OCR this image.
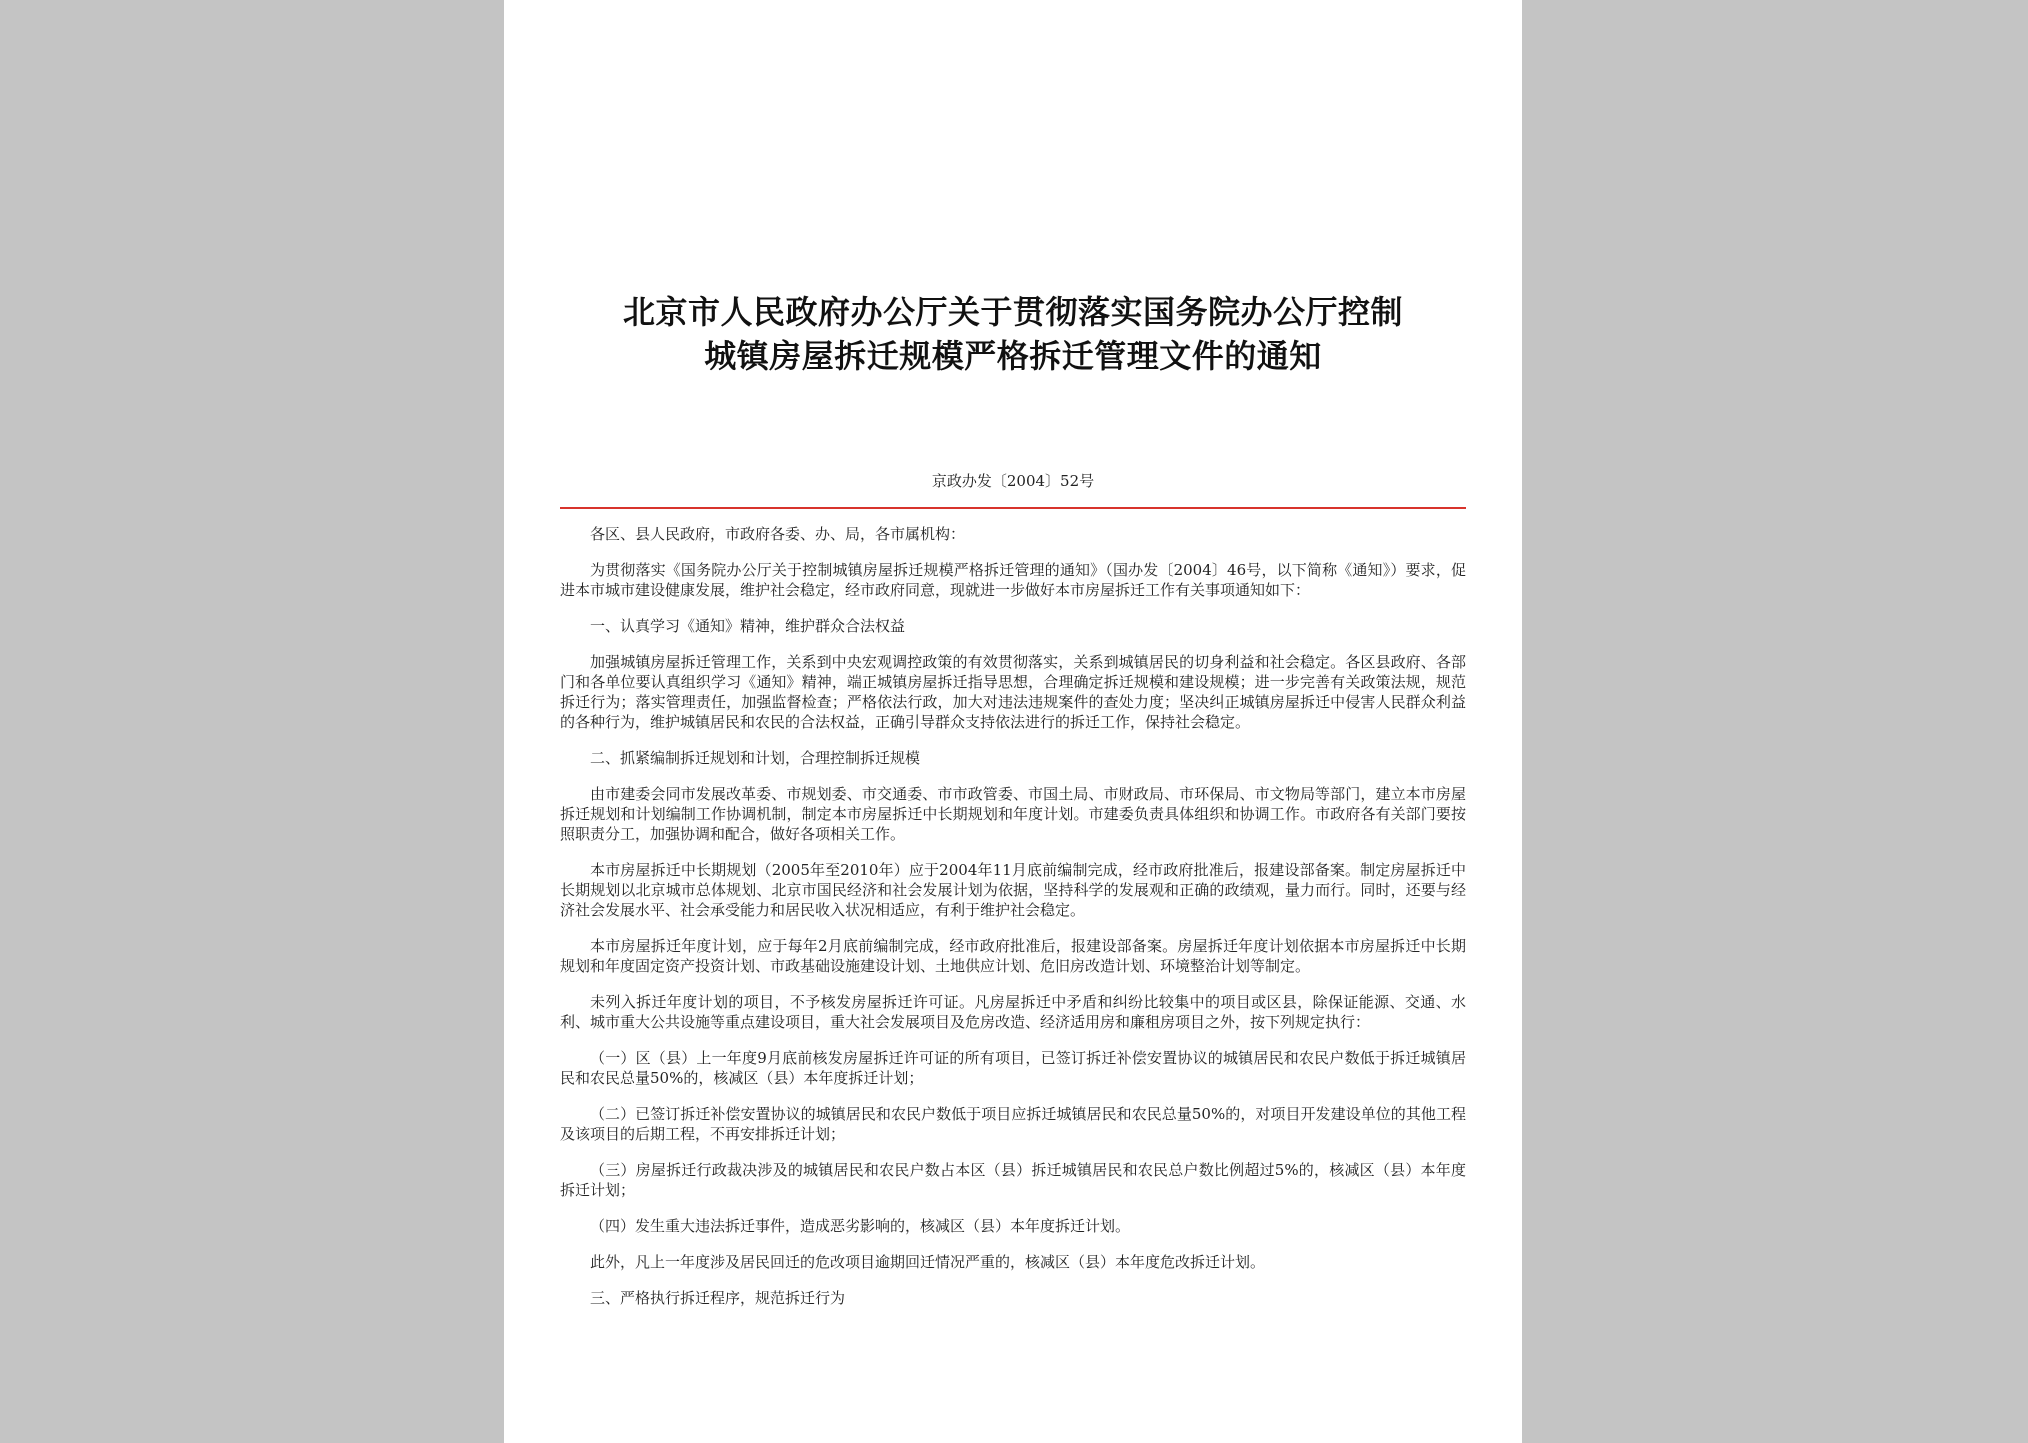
北京市人民政府办公厅关于贯彻落实国务院办公厅控制
城镇房屋拆迁规模严格拆迁管理文件的通知
京政办发〔2004〕52号

各区、县人民政府，市政府各委、办、局，各市属机构：

为贯彻落实《国务院办公厅关于控制城镇房屋拆迁规模严格拆迁管理的通知》（国办发〔2004〕46号，以下简称《通知》）要求，促进本市城市建设健康发展，维护社会稳定，经市政府同意，现就进一步做好本市房屋拆迁工作有关事项通知如下：

一、认真学习《通知》精神，维护群众合法权益

加强城镇房屋拆迁管理工作，关系到中央宏观调控政策的有效贯彻落实，关系到城镇居民的切身利益和社会稳定。各区县政府、各部门和各单位要认真组织学习《通知》精神，端正城镇房屋拆迁指导思想，合理确定拆迁规模和建设规模；进一步完善有关政策法规，规范拆迁行为；落实管理责任，加强监督检查；严格依法行政，加大对违法违规案件的查处力度；坚决纠正城镇房屋拆迁中侵害人民群众利益的各种行为，维护城镇居民和农民的合法权益，正确引导群众支持依法进行的拆迁工作，保持社会稳定。

二、抓紧编制拆迁规划和计划，合理控制拆迁规模

由市建委会同市发展改革委、市规划委、市交通委、市市政管委、市国土局、市财政局、市环保局、市文物局等部门，建立本市房屋拆迁规划和计划编制工作协调机制，制定本市房屋拆迁中长期规划和年度计划。市建委负责具体组织和协调工作。市政府各有关部门要按照职责分工，加强协调和配合，做好各项相关工作。

本市房屋拆迁中长期规划（2005年至2010年）应于2004年11月底前编制完成，经市政府批准后，报建设部备案。制定房屋拆迁中长期规划以北京城市总体规划、北京市国民经济和社会发展计划为依据，坚持科学的发展观和正确的政绩观，量力而行。同时，还要与经济社会发展水平、社会承受能力和居民收入状况相适应，有利于维护社会稳定。

本市房屋拆迁年度计划，应于每年2月底前编制完成，经市政府批准后，报建设部备案。房屋拆迁年度计划依据本市房屋拆迁中长期规划和年度固定资产投资计划、市政基础设施建设计划、土地供应计划、危旧房改造计划、环境整治计划等制定。

未列入拆迁年度计划的项目，不予核发房屋拆迁许可证。凡房屋拆迁中矛盾和纠纷比较集中的项目或区县，除保证能源、交通、水利、城市重大公共设施等重点建设项目，重大社会发展项目及危房改造、经济适用房和廉租房项目之外，按下列规定执行：

（一）区（县）上一年度9月底前核发房屋拆迁许可证的所有项目，已签订拆迁补偿安置协议的城镇居民和农民户数低于拆迁城镇居民和农民总量50%的，核减区（县）本年度拆迁计划；

（二）已签订拆迁补偿安置协议的城镇居民和农民户数低于项目应拆迁城镇居民和农民总量50%的，对项目开发建设单位的其他工程及该项目的后期工程，不再安排拆迁计划；

（三）房屋拆迁行政裁决涉及的城镇居民和农民户数占本区（县）拆迁城镇居民和农民总户数比例超过5%的，核减区（县）本年度拆迁计划；

（四）发生重大违法拆迁事件，造成恶劣影响的，核减区（县）本年度拆迁计划。

此外，凡上一年度涉及居民回迁的危改项目逾期回迁情况严重的，核减区（县）本年度危改拆迁计划。

三、严格执行拆迁程序，规范拆迁行为
